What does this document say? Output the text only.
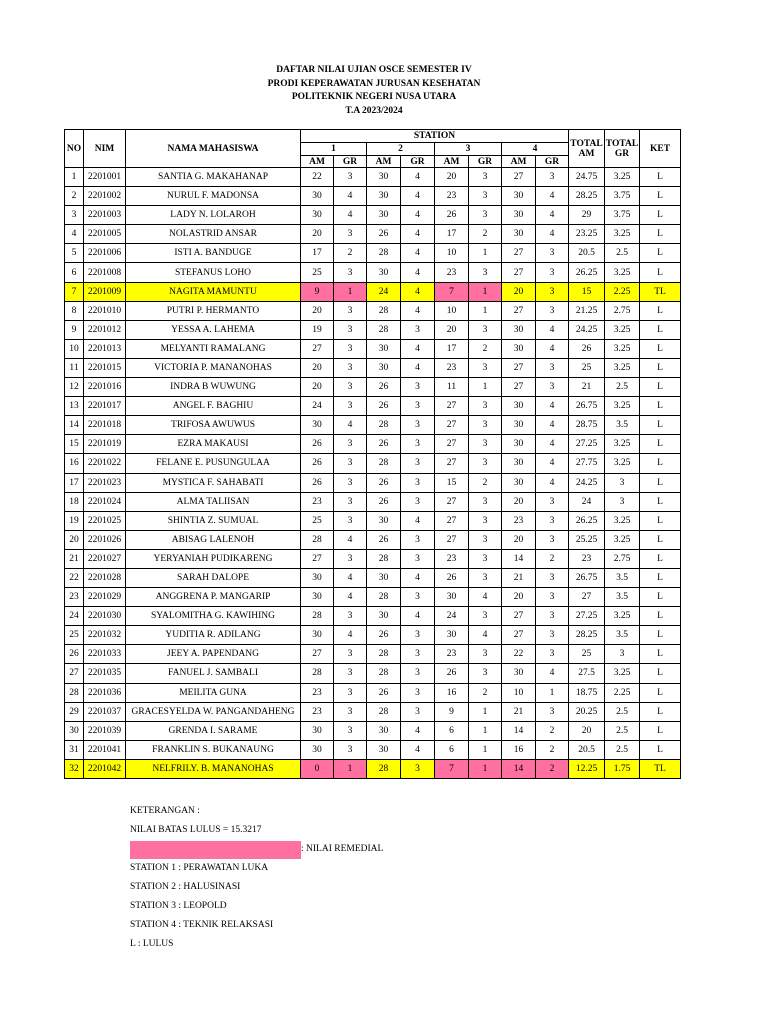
DAFTAR NILAI UJIAN OSCE SEMESTER IV
PRODI KEPERAWATAN JURUSAN KESEHATAN
POLITEKNIK NEGERI NUSA UTARA
T.A 2023/2024
NO	NIM	NAMA MAHASISWA	STATION								TOTAL AM	TOTAL GR	KET
			1		2		3		4				
			AM	GR	AM	GR	AM	GR	AM	GR			
1	2201001	SANTIA G. MAKAHANAP	22	3	30	4	20	3	27	3	24.75	3.25	L
2	2201002	NURUL F. MADONSA	30	4	30	4	23	3	30	4	28.25	3.75	L
3	2201003	LADY N. LOLAROH	30	4	30	4	26	3	30	4	29	3.75	L
4	2201005	NOLASTRID ANSAR	20	3	26	4	17	2	30	4	23.25	3.25	L
5	2201006	ISTI A. BANDUGE	17	2	28	4	10	1	27	3	20.5	2.5	L
6	2201008	STEFANUS LOHO	25	3	30	4	23	3	27	3	26.25	3.25	L
7	2201009	NAGITA MAMUNTU	9	1	24	4	7	1	20	3	15	2.25	TL
8	2201010	PUTRI P. HERMANTO	20	3	28	4	10	1	27	3	21.25	2.75	L
9	2201012	YESSA A. LAHEMA	19	3	28	3	20	3	30	4	24.25	3.25	L
10	2201013	MELYANTI RAMALANG	27	3	30	4	17	2	30	4	26	3.25	L
11	2201015	VICTORIA P. MANANOHAS	20	3	30	4	23	3	27	3	25	3.25	L
12	2201016	INDRA B WUWUNG	20	3	26	3	11	1	27	3	21	2.5	L
13	2201017	ANGEL F. BAGHIU	24	3	26	3	27	3	30	4	26.75	3.25	L
14	2201018	TRIFOSA AWUWUS	30	4	28	3	27	3	30	4	28.75	3.5	L
15	2201019	EZRA MAKAUSI	26	3	26	3	27	3	30	4	27.25	3.25	L
16	2201022	FELANE E. PUSUNGULAA	26	3	28	3	27	3	30	4	27.75	3.25	L
17	2201023	MYSTICA F. SAHABATI	26	3	26	3	15	2	30	4	24.25	3	L
18	2201024	ALMA TALIISAN	23	3	26	3	27	3	20	3	24	3	L
19	2201025	SHINTIA Z. SUMUAL	25	3	30	4	27	3	23	3	26.25	3.25	L
20	2201026	ABISAG LALENOH	28	4	26	3	27	3	20	3	25.25	3.25	L
21	2201027	YERYANIAH PUDIKARENG	27	3	28	3	23	3	14	2	23	2.75	L
22	2201028	SARAH DALOPE	30	4	30	4	26	3	21	3	26.75	3.5	L
23	2201029	ANGGRENA P. MANGARIP	30	4	28	3	30	4	20	3	27	3.5	L
24	2201030	SYALOMITHA G. KAWIHING	28	3	30	4	24	3	27	3	27.25	3.25	L
25	2201032	YUDITIA R. ADILANG	30	4	26	3	30	4	27	3	28.25	3.5	L
26	2201033	JEEY A. PAPENDANG	27	3	28	3	23	3	22	3	25	3	L
27	2201035	FANUEL J. SAMBALI	28	3	28	3	26	3	30	4	27.5	3.25	L
28	2201036	MEILITA GUNA	23	3	26	3	16	2	10	1	18.75	2.25	L
29	2201037	GRACESYELDA W. PANGANDAHENG	23	3	28	3	9	1	21	3	20.25	2.5	L
30	2201039	GRENDA I. SARAME	30	3	30	4	6	1	14	2	20	2.5	L
31	2201041	FRANKLIN S. BUKANAUNG	30	3	30	4	6	1	16	2	20.5	2.5	L
32	2201042	NELFRILY. B. MANANOHAS	0	1	28	3	7	1	14	2	12.25	1.75	TL
KETERANGAN :
NILAI BATAS LULUS = 15.3217
: NILAI REMEDIAL
STATION 1 : PERAWATAN LUKA
STATION 2 : HALUSINASI
STATION 3 : LEOPOLD
STATION 4 : TEKNIK RELAKSASI
L : LULUS
